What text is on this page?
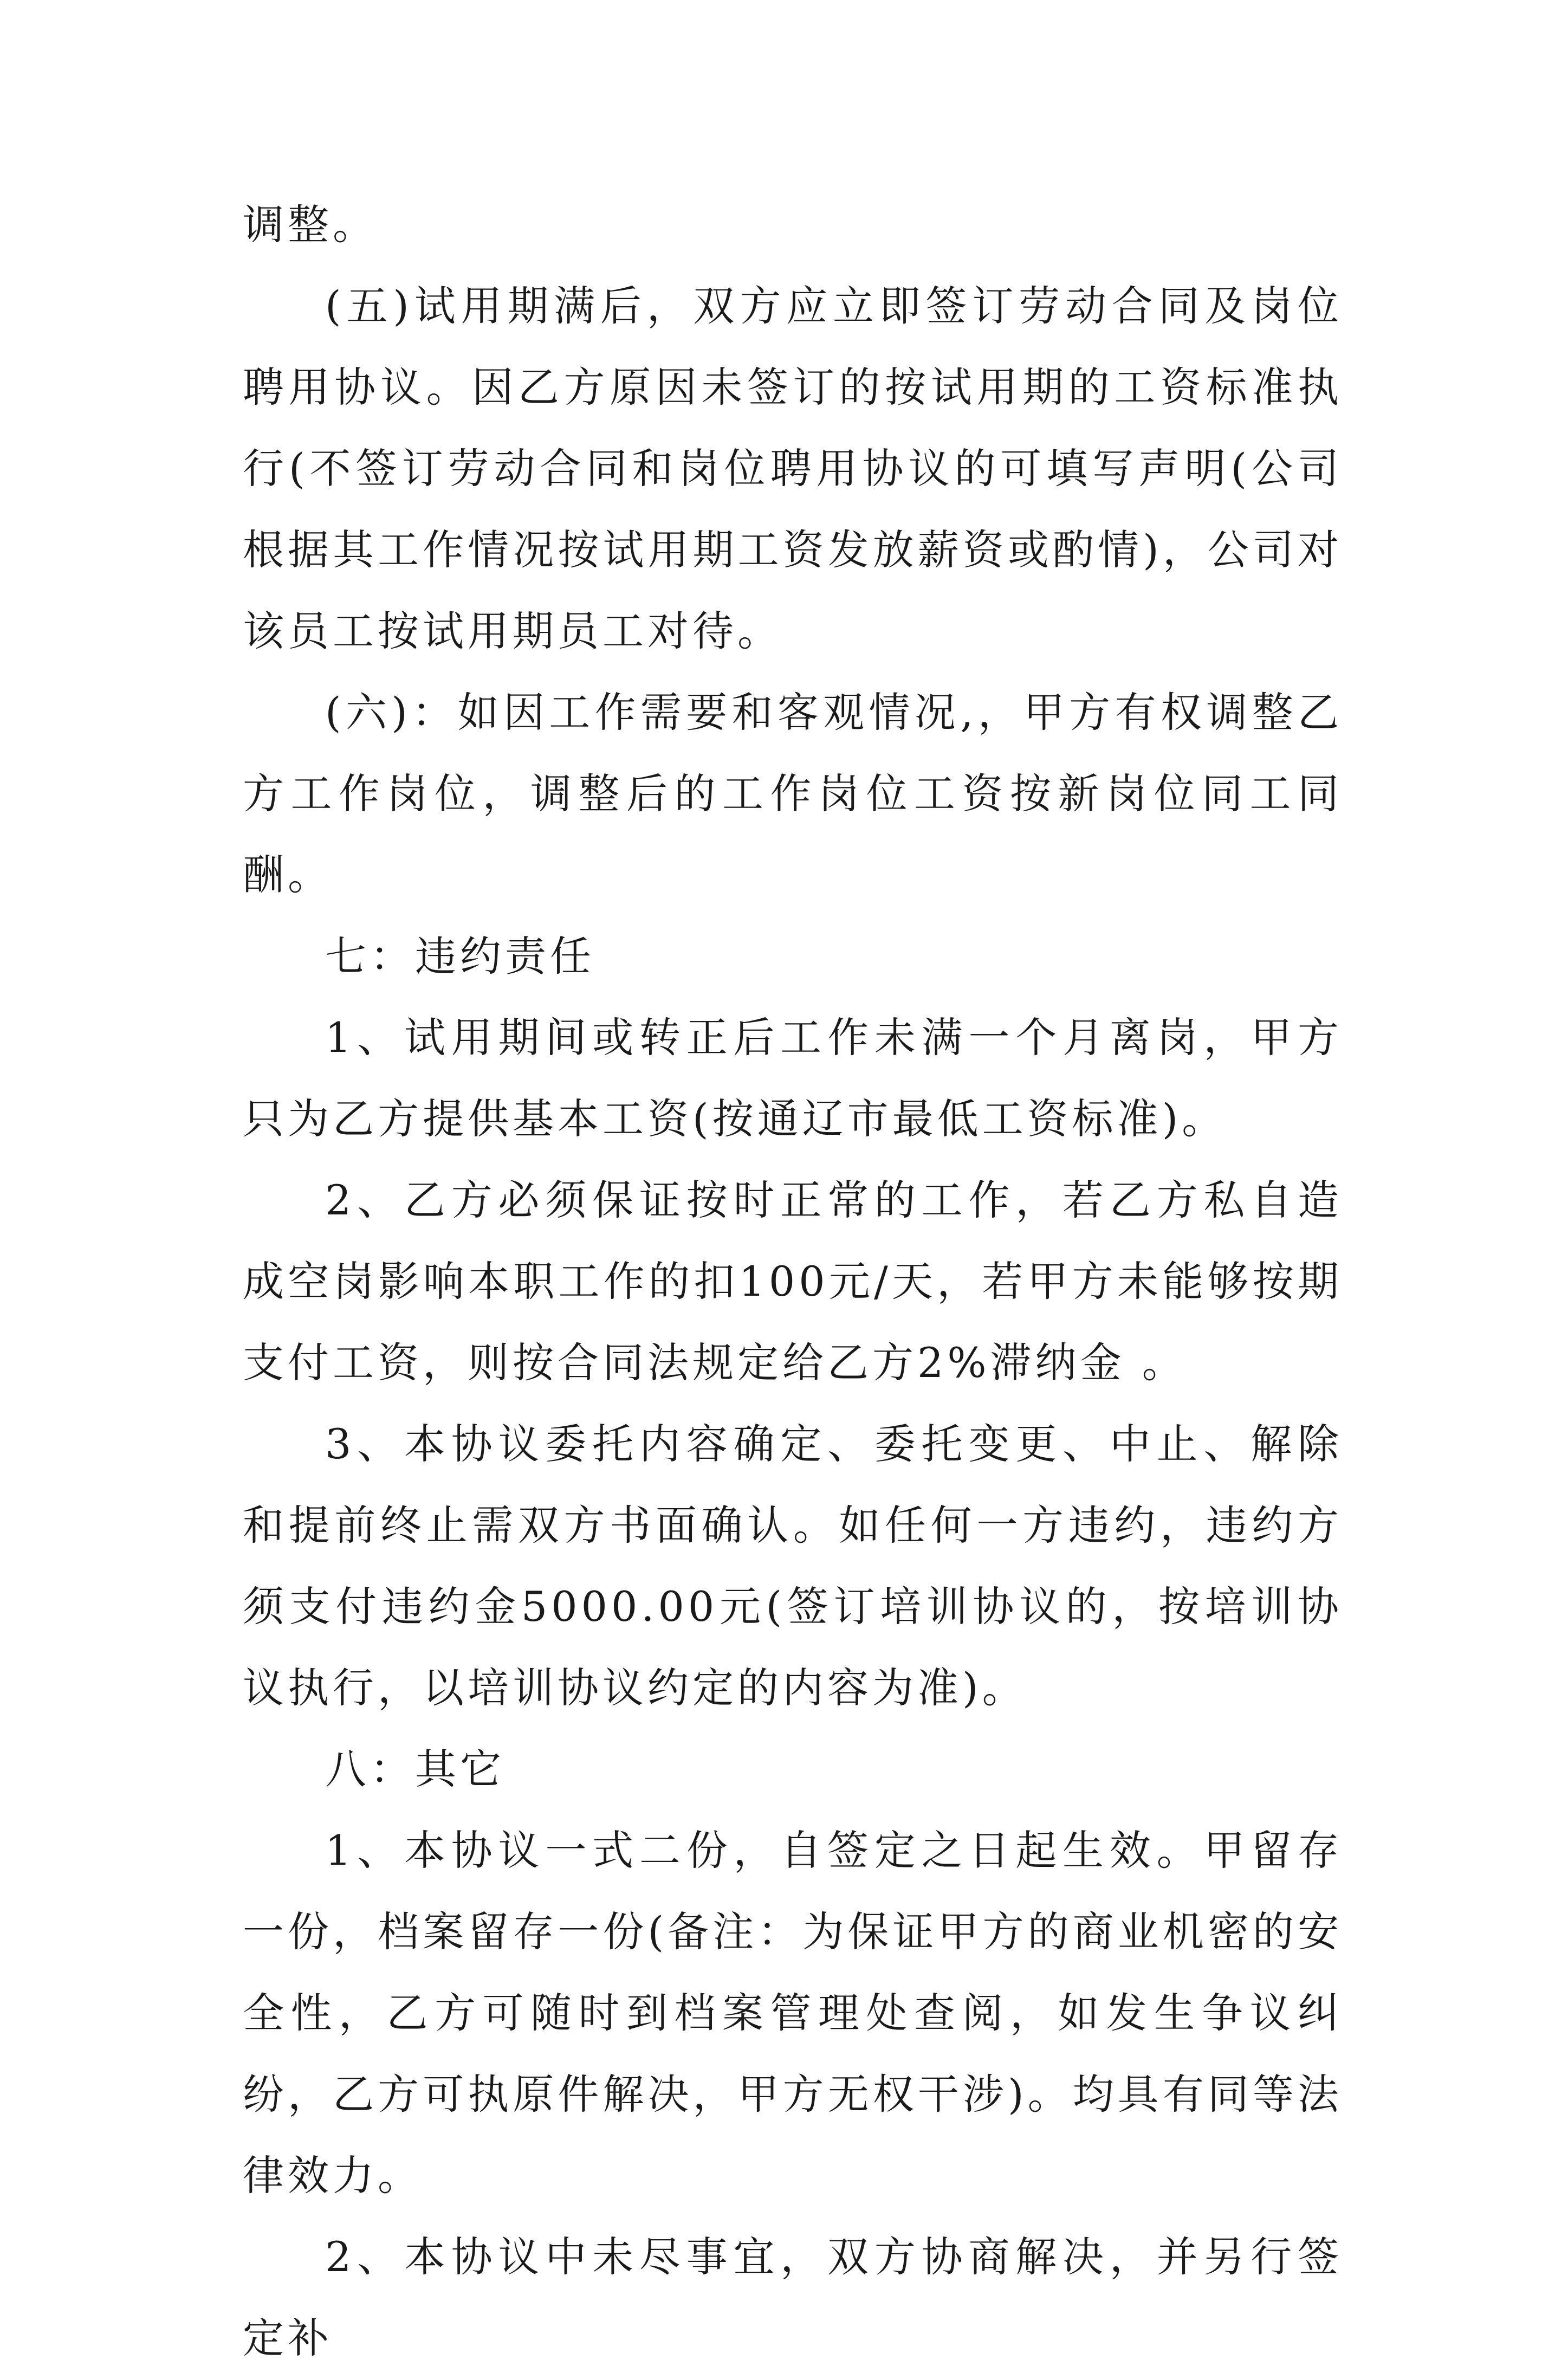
调整。

(五)试用期满后，双方应立即签订劳动合同及岗位聘用协议。因乙方原因未签订的按试用期的工资标准执行(不签订劳动合同和岗位聘用协议的可填写声明(公司根据其工作情况按试用期工资发放薪资或酌情)，公司对该员工按试用期员工对待。

(六)：如因工作需要和客观情况,，甲方有权调整乙方工作岗位，调整后的工作岗位工资按新岗位同工同酬。

七：违约责任

1、试用期间或转正后工作未满一个月离岗，甲方只为乙方提供基本工资(按通辽市最低工资标准)。

2、乙方必须保证按时正常的工作，若乙方私自造成空岗影响本职工作的扣100元/天，若甲方未能够按期支付工资，则按合同法规定给乙方2%滞纳金 。

3、本协议委托内容确定、委托变更、中止、解除和提前终止需双方书面确认。如任何一方违约，违约方须支付违约金5000.00元(签订培训协议的，按培训协议执行，以培训协议约定的内容为准)。

八：其它

1、本协议一式二份，自签定之日起生效。甲留存一份，档案留存一份(备注：为保证甲方的商业机密的安全性，乙方可随时到档案管理处查阅，如发生争议纠纷，乙方可执原件解决，甲方无权干涉)。均具有同等法律效力。

2、本协议中未尽事宜，双方协商解决，并另行签定补
